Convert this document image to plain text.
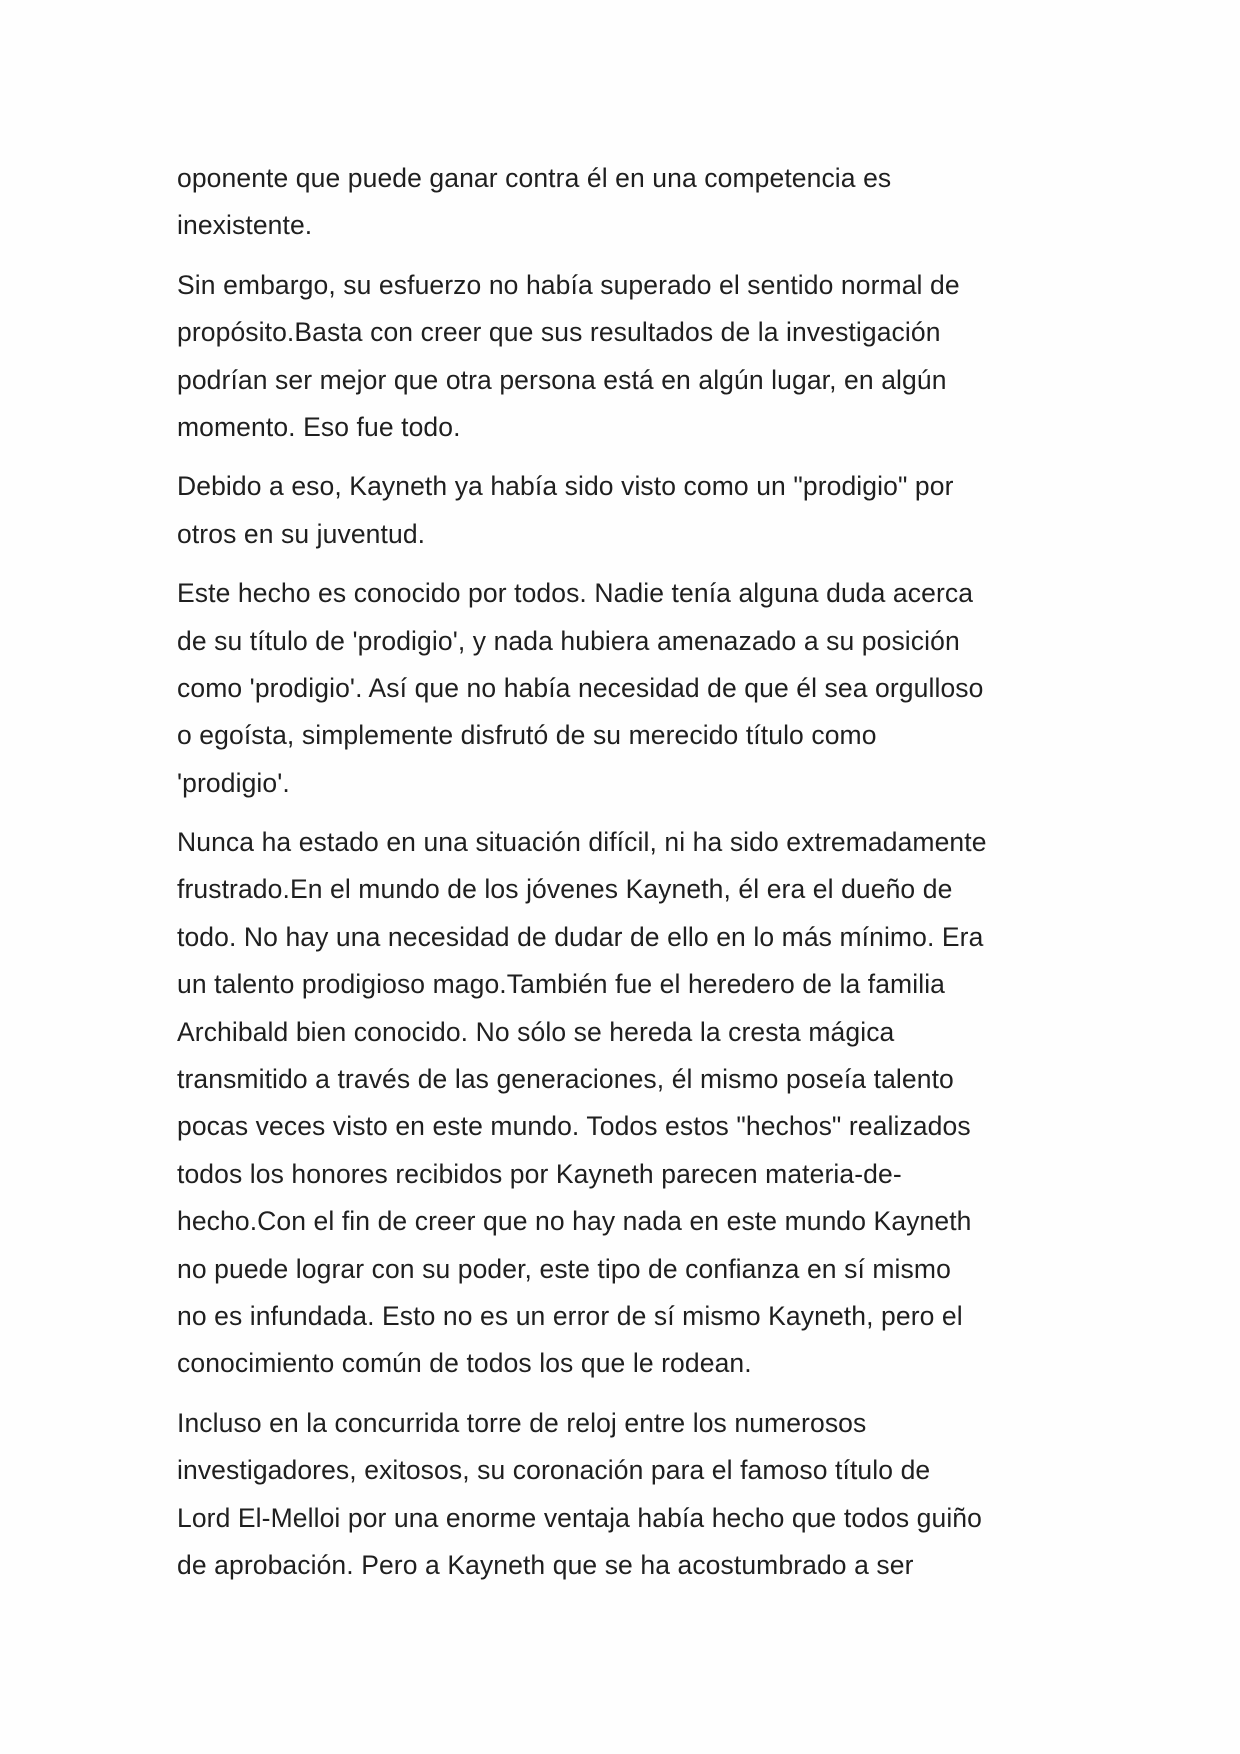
oponente que puede ganar contra él en una competencia es
inexistente.
Sin embargo, su esfuerzo no había superado el sentido normal de
propósito.Basta con creer que sus resultados de la investigación
podrían ser mejor que otra persona está en algún lugar, en algún
momento. Eso fue todo.
Debido a eso, Kayneth ya había sido visto como un "prodigio" por
otros en su juventud.
Este hecho es conocido por todos. Nadie tenía alguna duda acerca
de su título de 'prodigio', y nada hubiera amenazado a su posición
como 'prodigio'. Así que no había necesidad de que él sea orgulloso
o egoísta, simplemente disfrutó de su merecido título como
'prodigio'.
Nunca ha estado en una situación difícil, ni ha sido extremadamente
frustrado.En el mundo de los jóvenes Kayneth, él era el dueño de
todo. No hay una necesidad de dudar de ello en lo más mínimo. Era
un talento prodigioso mago.También fue el heredero de la familia
Archibald bien conocido. No sólo se hereda la cresta mágica
transmitido a través de las generaciones, él mismo poseía talento
pocas veces visto en este mundo. Todos estos "hechos" realizados
todos los honores recibidos por Kayneth parecen materia-de-
hecho.Con el fin de creer que no hay nada en este mundo Kayneth
no puede lograr con su poder, este tipo de confianza en sí mismo
no es infundada. Esto no es un error de sí mismo Kayneth, pero el
conocimiento común de todos los que le rodean.
Incluso en la concurrida torre de reloj entre los numerosos
investigadores, exitosos, su coronación para el famoso título de
Lord El-Melloi por una enorme ventaja había hecho que todos guiño
de aprobación. Pero a Kayneth que se ha acostumbrado a ser
